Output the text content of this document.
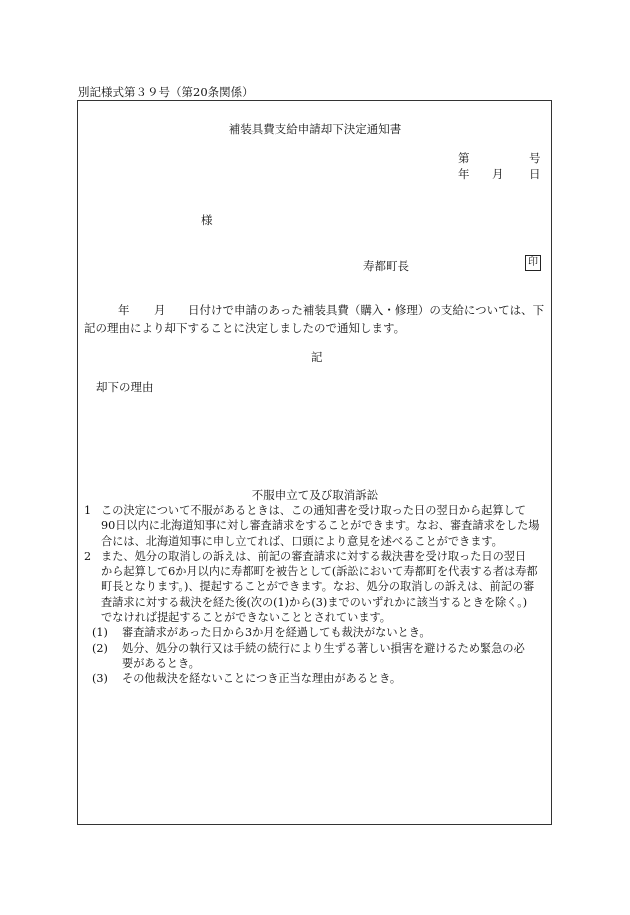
別記様式第３９号（第20条関係）
補装具費支給申請却下決定通知書
第	号
年 月 日
様
寿都町長	印
年 月 日付けで申請のあった補装具費（購入・修理）の支給については、下
記の理由により却下することに決定しましたので通知します。
記
却下の理由
不服申立て及び取消訴訟

1 この決定について不服があるときは、この通知書を受け取った日の翌日から起算して

90日以内に北海道知事に対し審査請求をすることができます。なお、審査請求をした場

合には、北海道知事に申し立てれば、口頭により意見を述べることができます。

2 また、処分の取消しの訴えは、前記の審査請求に対する裁決書を受け取った日の翌日

から起算して6か月以内に寿都町を被告として(訴訟において寿都町を代表する者は寿都

町長となります。)、提起することができます。なお、処分の取消しの訴えは、前記の審

査請求に対する裁決を経た後(次の(1)から(3)までのいずれかに該当するときを除く。)

でなければ提起することができないこととされています。

(1) 審査請求があった日から3か月を経過しても裁決がないとき。

(2) 処分、処分の執行又は手続の続行により生ずる著しい損害を避けるため緊急の必

要があるとき。

(3) その他裁決を経ないことにつき正当な理由があるとき。
